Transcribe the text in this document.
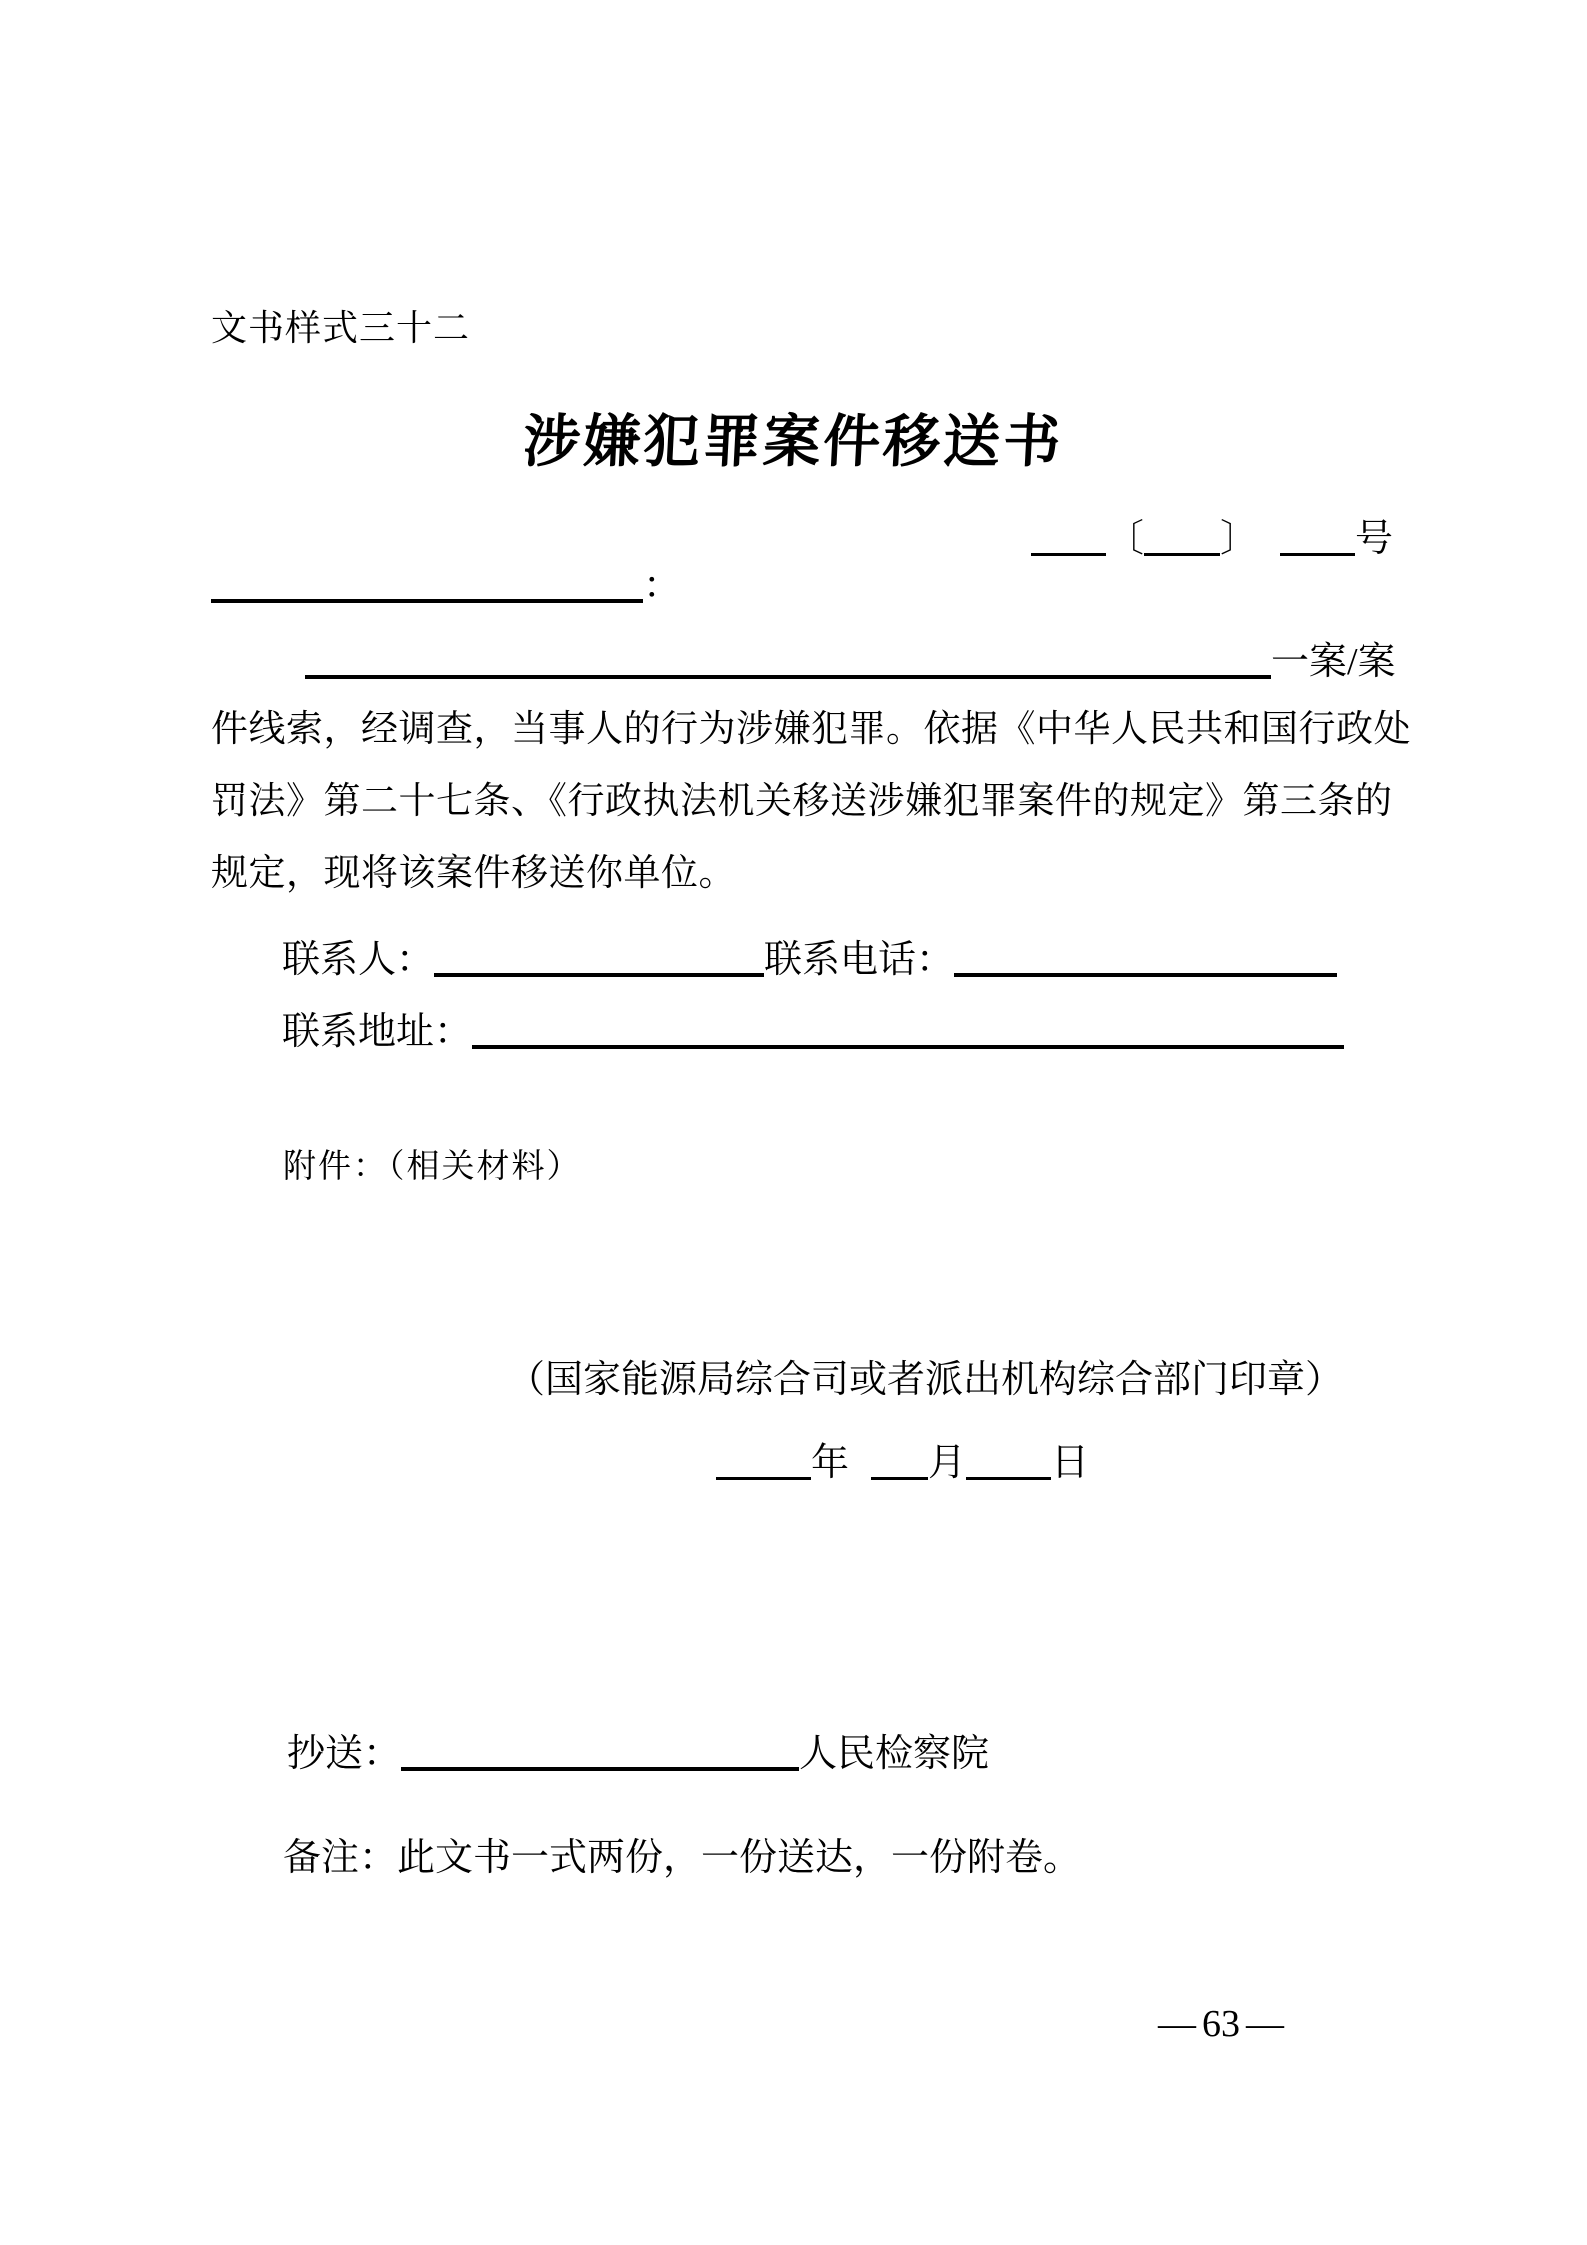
文书样式三十二
涉嫌犯罪案件移送书
〔 〕	号
：
一案/案
件线索，经调查，当事人的行为涉嫌犯罪。依据《中华人民共和国行政处
罚法》第二十七条、《行政执法机关移送涉嫌犯罪案件的规定》第三条的
规定，现将该案件移送你单位。
联系人：	联系电话：
联系地址：
附件：（相关材料）
（国家能源局综合司或者派出机构综合部门印章）
年 月 日
抄送：	人民检察院
备注：此文书一式两份，一份送达，一份附卷。
— 63 —
